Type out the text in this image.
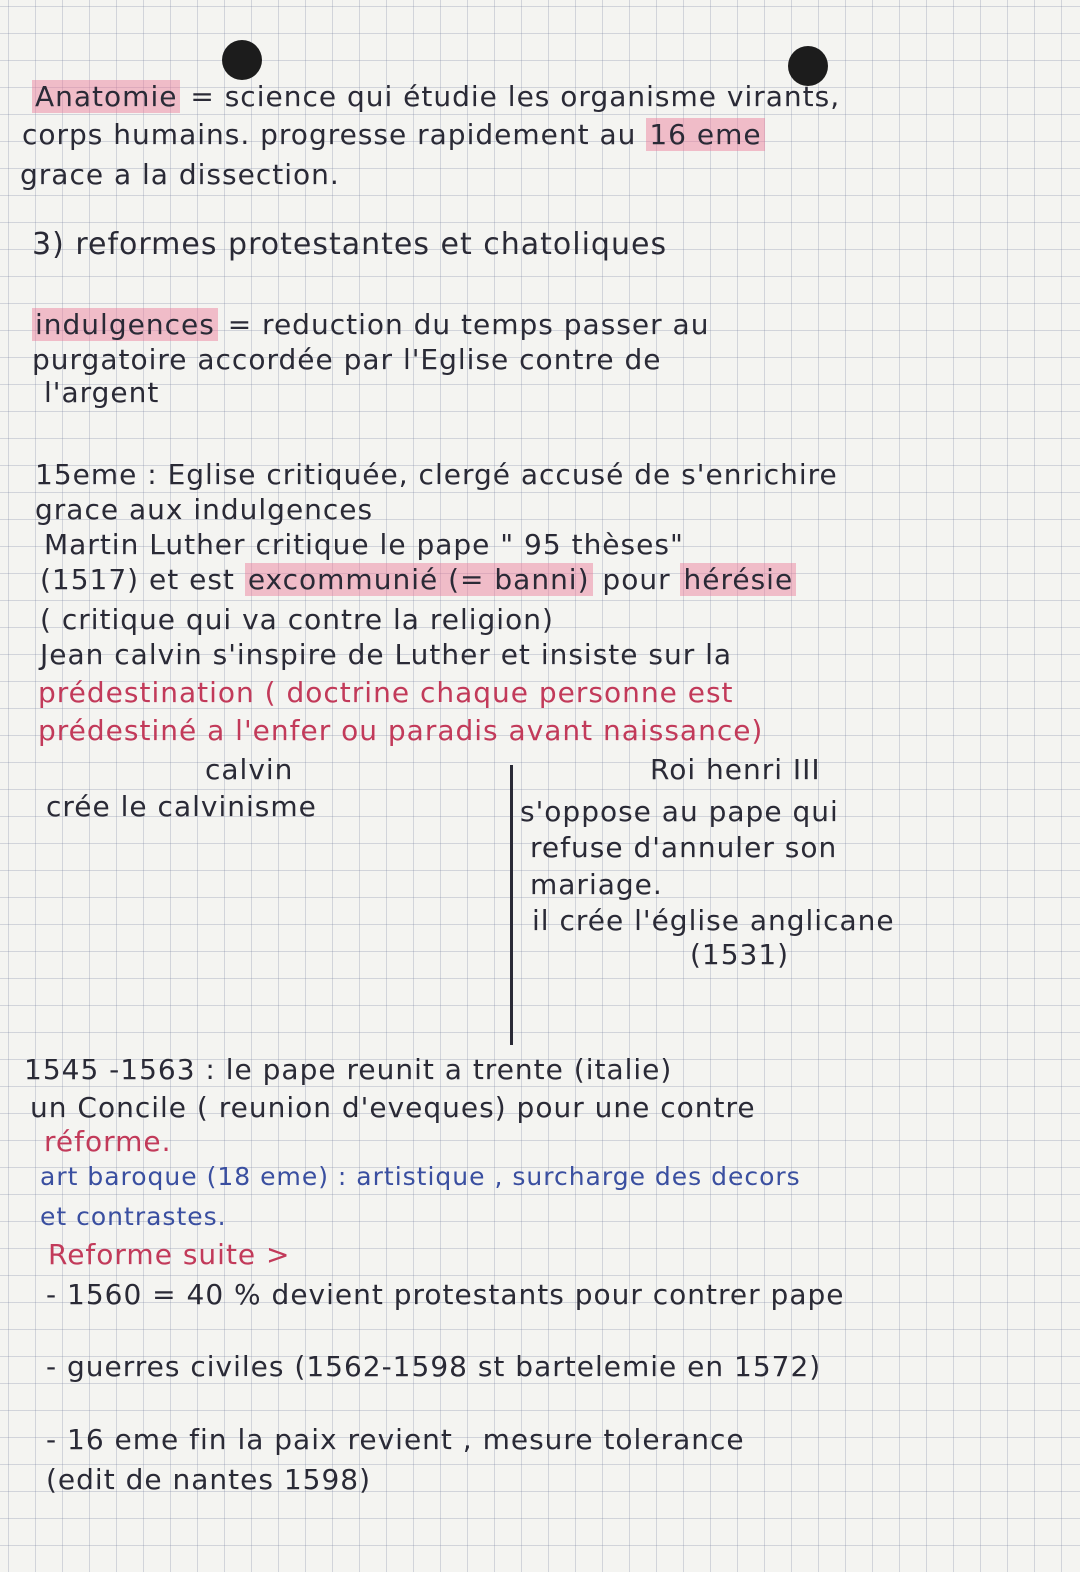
Anatomie = science qui étudie les organisme virants,
corps humains. progresse rapidement au 16 eme
grace a la dissection.
3) reformes protestantes et chatoliques
indulgences = reduction du temps passer au
purgatoire accordée par l'Eglise contre de
l'argent
15eme : Eglise critiquée, clergé accusé de s'enrichire
grace aux indulgences
Martin Luther critique le pape " 95 thèses"
(1517) et est excommunié (= banni) pour hérésie
( critique qui va contre la religion)
Jean calvin s'inspire de Luther et insiste sur la
prédestination ( doctrine chaque personne est
prédestiné a l'enfer ou paradis avant naissance)
calvin	Roi henri III
crée le calvinisme	s'oppose au pape qui
refuse d'annuler son
mariage.
il crée l'église anglicane
(1531)
1545 -1563 : le pape reunit a trente (italie)
un Concile ( reunion d'eveques) pour une contre
réforme.
art baroque (18 eme) : artistique , surcharge des decors
et contrastes.
Reforme suite >
- 1560 = 40 % devient protestants pour contrer pape
- guerres civiles (1562-1598 st bartelemie en 1572)
- 16 eme fin la paix revient , mesure tolerance
(edit de nantes 1598)
